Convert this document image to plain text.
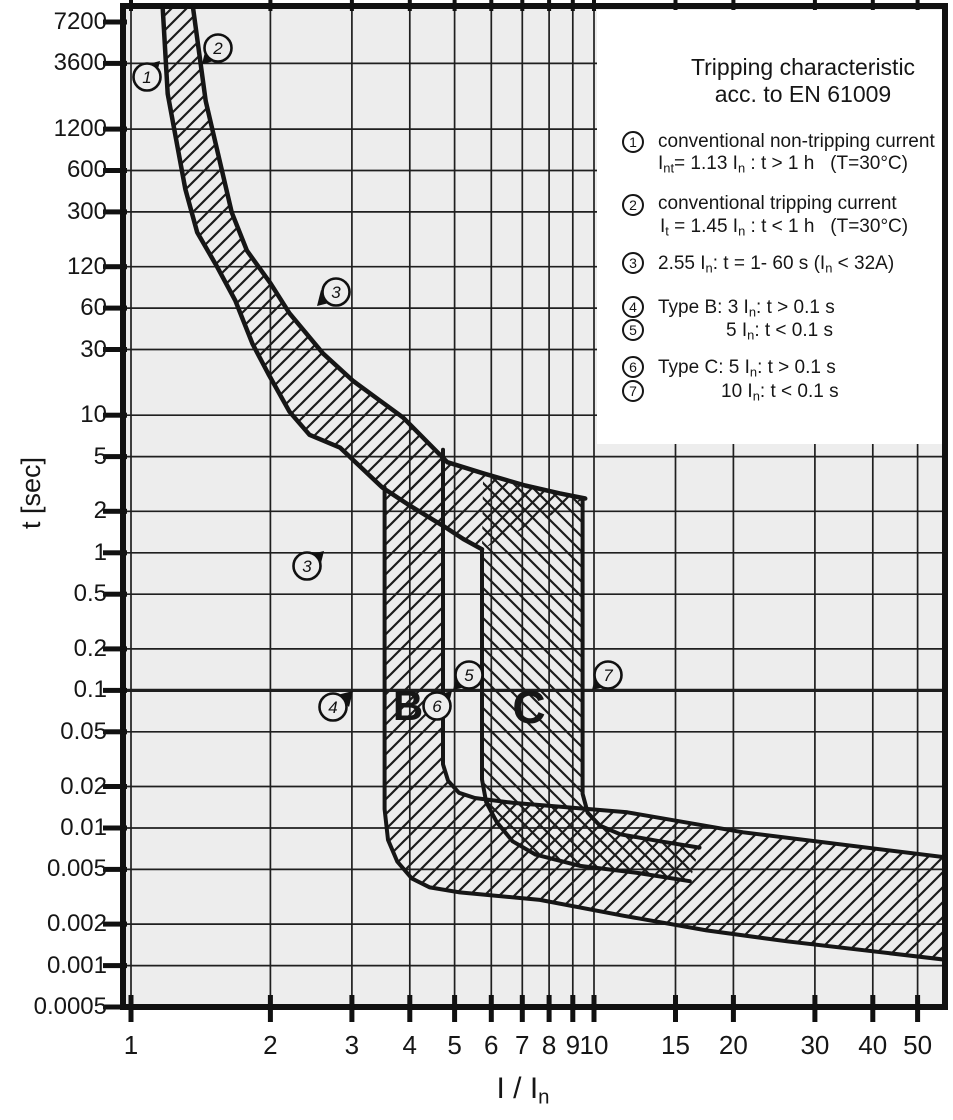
1
2
3
3
4
5
6
7
7200
3600
1200
600
300
120
60
30
10
5
2
1
0.5
0.2
0.1
0.05
0.02
0.01
0.005
0.002
0.001
0.0005
1	2	3	4	5 6 7 8 9 10	15	20	30	40 50
t [sec]
I / $I_n$
Tripping characteristic
acc. to EN 61009
1	conventional non-tripping current
$I_{nt}= 1.13$ $I_n$ : t > 1 h   (T=30°C)
2	conventional tripping current
$I_t = 1.45$ $I_n$ : t < 1 h   (T=30°C)
3	2.55 $I_n$: t = 1- 60 s $(I_n < 32A)$
4	Type B: 3 $I_n$: t > 0.1 s
5	5 $I_n$: t < 0.1 s
6	Type C: 5 $I_n$: t > 0.1 s
7	10 $I_n$: t < 0.1 s
B C
